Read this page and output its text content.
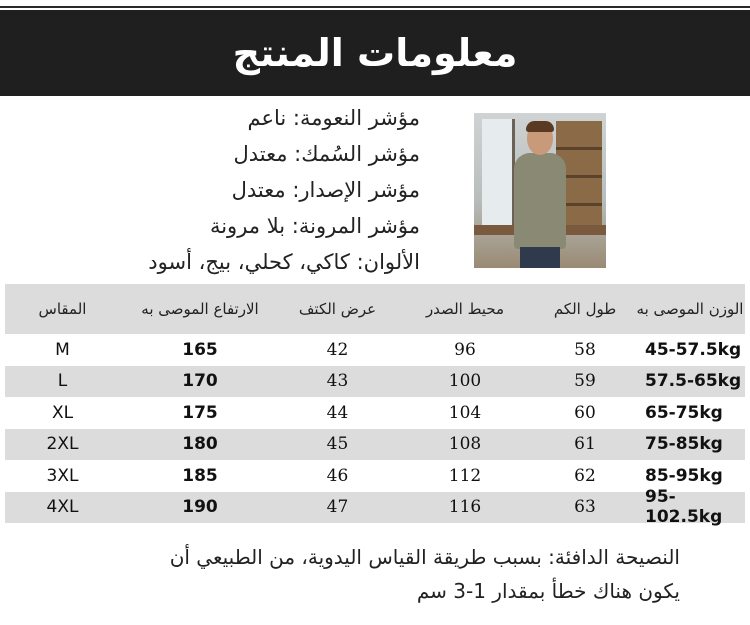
معلومات المنتج
مؤشر النعومة: ناعم
مؤشر السُمك: معتدل
مؤشر الإصدار: معتدل
مؤشر المرونة: بلا مرونة
الألوان: كاكي، كحلي، بيج، أسود
المقاس	الارتفاع الموصى به	عرض الكتف	محيط الصدر	طول الكم	الوزن الموصى به
M	165	42	96	58	45-57.5kg
L	170	43	100	59	57.5-65kg
XL	175	44	104	60	65-75kg
2XL	180	45	108	61	75-85kg
3XL	185	46	112	62	85-95kg
4XL	190	47	116	63	95-102.5kg
النصيحة الدافئة: بسبب طريقة القياس اليدوية، من الطبيعي أن
يكون هناك خطأ بمقدار 1-3 سم
